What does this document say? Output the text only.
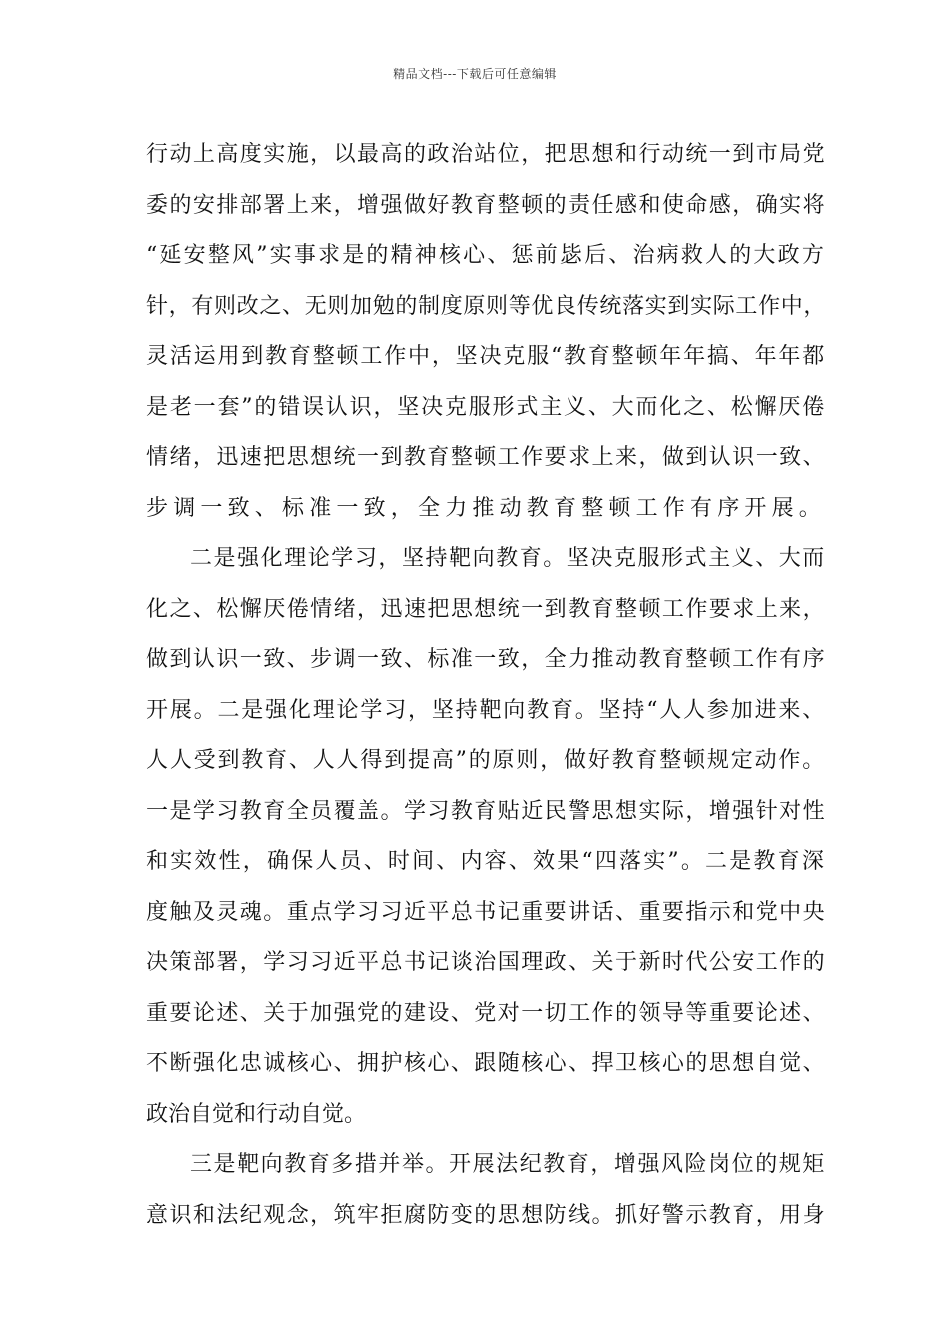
精品文档---下载后可任意编辑
行动上高度实施，以最高的政治站位，把思想和行动统一到市局党
委的安排部署上来，增强做好教育整顿的责任感和使命感，确实将
“延安整风”实事求是的精神核心、惩前毖后、治病救人的大政方
针，有则改之、无则加勉的制度原则等优良传统落实到实际工作中，
灵活运用到教育整顿工作中，坚决克服“教育整顿年年搞、年年都
是老一套”的错误认识，坚决克服形式主义、大而化之、松懈厌倦
情绪，迅速把思想统一到教育整顿工作要求上来，做到认识一致、
步调一致、标准一致，全力推动教育整顿工作有序开展。
二是强化理论学习，坚持靶向教育。坚决克服形式主义、大而
化之、松懈厌倦情绪，迅速把思想统一到教育整顿工作要求上来，
做到认识一致、步调一致、标准一致，全力推动教育整顿工作有序
开展。二是强化理论学习，坚持靶向教育。坚持“人人参加进来、
人人受到教育、人人得到提高”的原则，做好教育整顿规定动作。
一是学习教育全员覆盖。学习教育贴近民警思想实际，增强针对性
和实效性，确保人员、时间、内容、效果“四落实”。二是教育深
度触及灵魂。重点学习习近平总书记重要讲话、重要指示和党中央
决策部署，学习习近平总书记谈治国理政、关于新时代公安工作的
重要论述、关于加强党的建设、党对一切工作的领导等重要论述、
不断强化忠诚核心、拥护核心、跟随核心、捍卫核心的思想自觉、
政治自觉和行动自觉。
三是靶向教育多措并举。开展法纪教育，增强风险岗位的规矩
意识和法纪观念，筑牢拒腐防变的思想防线。抓好警示教育，用身
